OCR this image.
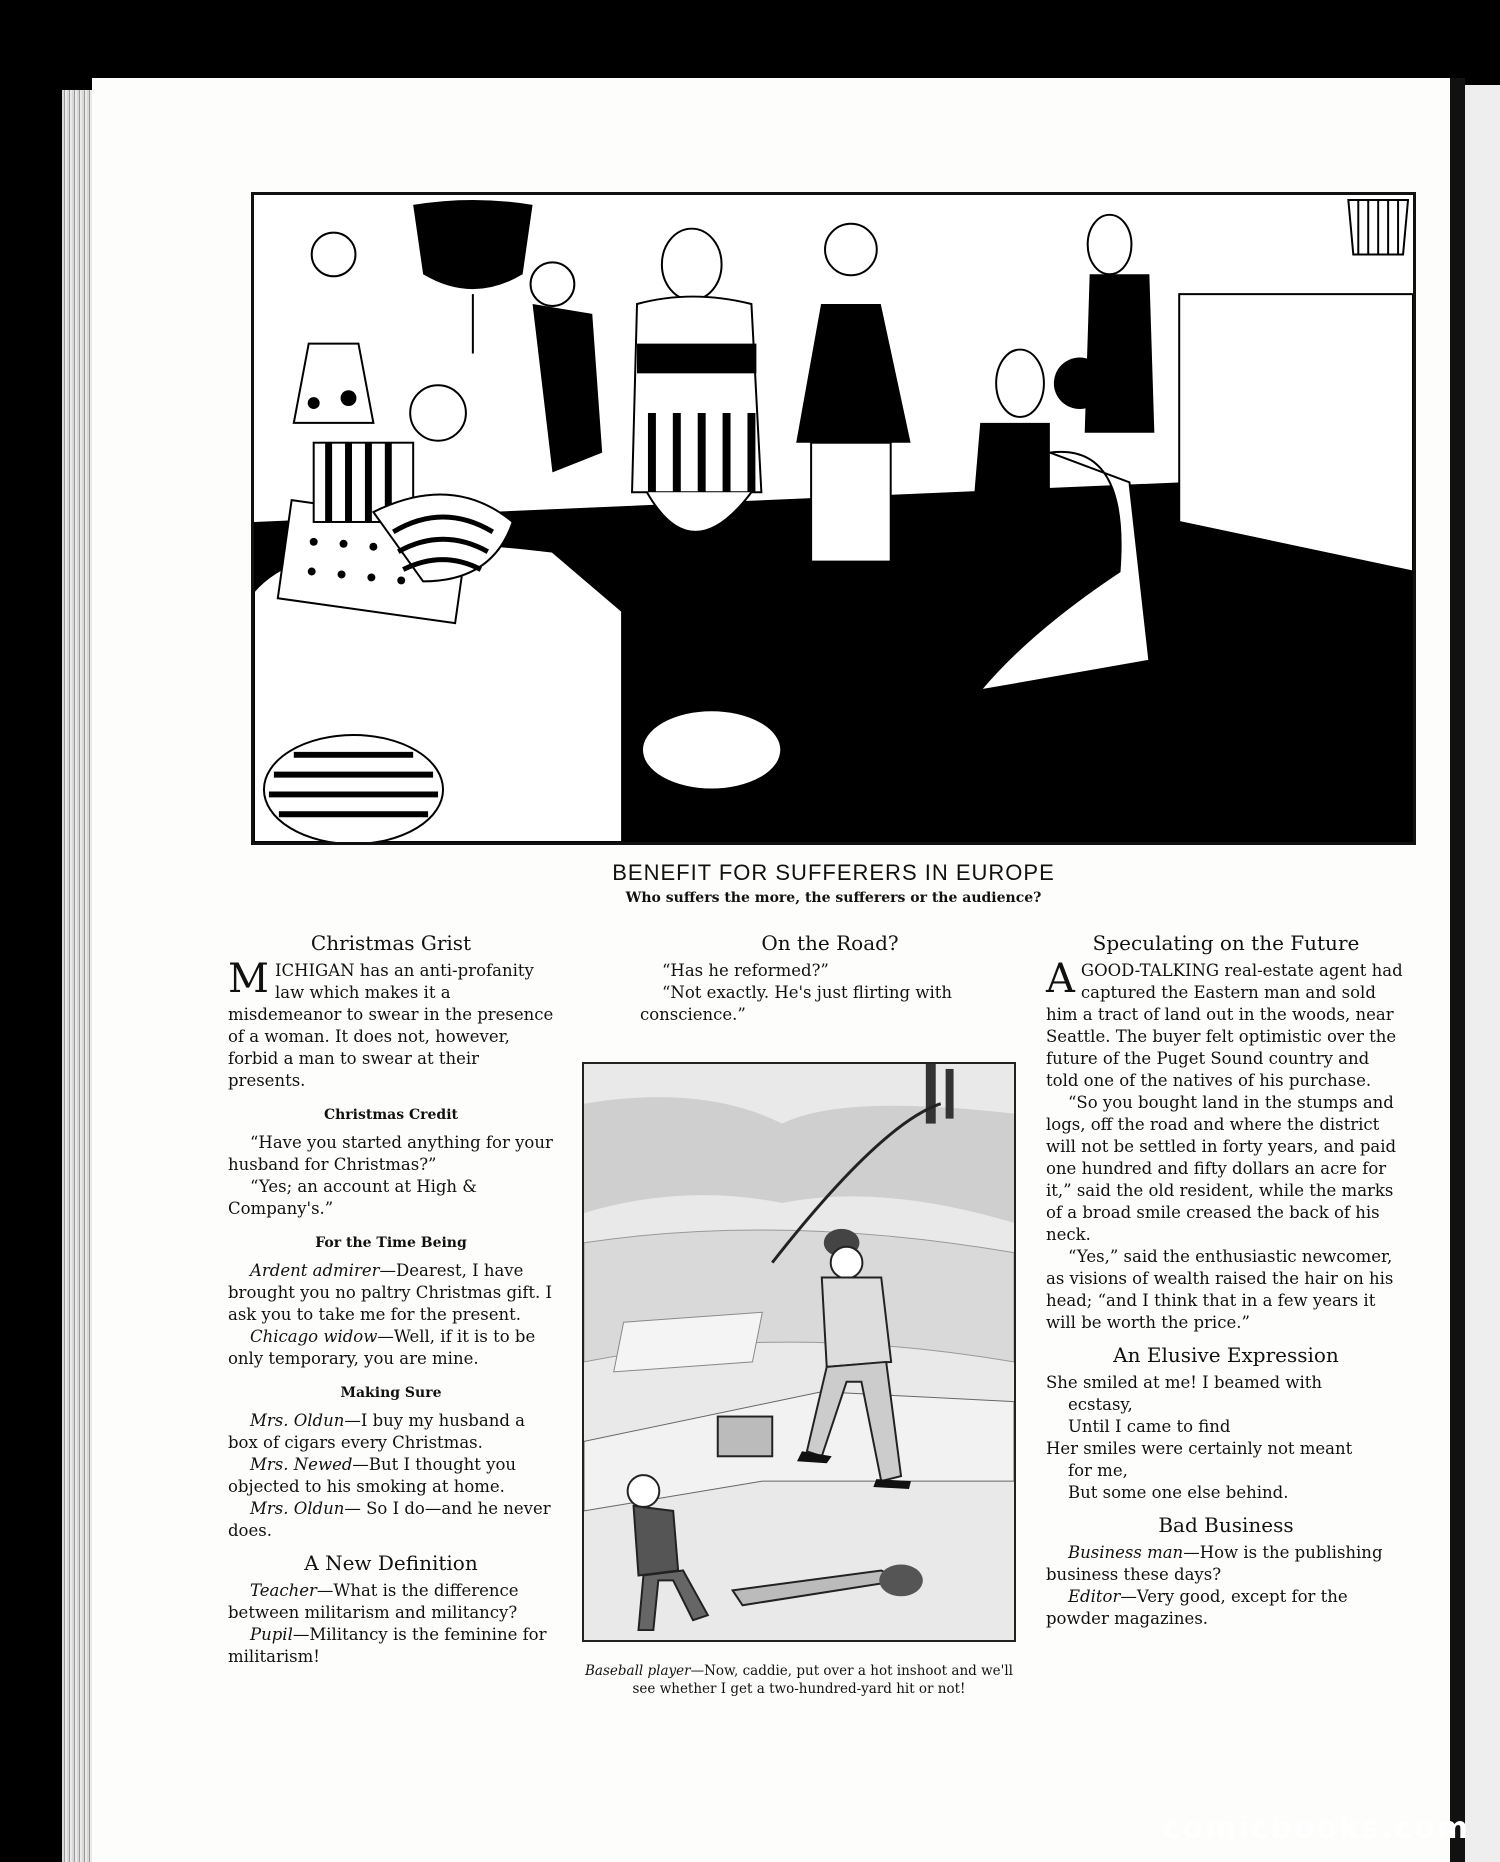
BENEFIT FOR SUFFERERS IN EUROPE
Who suffers the more, the sufferers or the audience?
Christmas Grist

MICHIGAN has an anti-profanity law which makes it a misdemeanor to swear in the presence of a woman. It does not, however, forbid a man to swear at their presents.

Christmas Credit

“Have you started anything for your husband for Christmas?”

“Yes; an account at High & Company's.”

For the Time Being

Ardent admirer—Dearest, I have brought you no paltry Christmas gift. I ask you to take me for the present.

Chicago widow—Well, if it is to be only temporary, you are mine.

Making Sure

Mrs. Oldun—I buy my husband a box of cigars every Christmas.

Mrs. Newed—But I thought you objected to his smoking at home.

Mrs. Oldun— So I do—and he never does.

A New Definition

Teacher—What is the difference between militarism and militancy?

Pupil—Militancy is the feminine for militarism!

On the Road?

“Has he reformed?”

“Not exactly. He's just flirting with conscience.”

Baseball player—Now, caddie, put over a hot inshoot and we'll see whether I get a two-hundred-yard hit or not!
Speculating on the Future

AGOOD-TALKING real-estate agent had captured the Eastern man and sold him a tract of land out in the woods, near Seattle. The buyer felt optimistic over the future of the Puget Sound country and told one of the natives of his purchase.

“So you bought land in the stumps and logs, off the road and where the district will not be settled in forty years, and paid one hundred and fifty dollars an acre for it,” said the old resident, while the marks of a broad smile creased the back of his neck.

“Yes,” said the enthusiastic newcomer, as visions of wealth raised the hair on his head; “and I think that in a few years it will be worth the price.”

An Elusive Expression

She smiled at me! I beamed with

ecstasy,

Until I came to find

Her smiles were certainly not meant

for me,

But some one else behind.

Bad Business

Business man—How is the publishing business these days?

Editor—Very good, except for the powder magazines.

comicbooks.com
